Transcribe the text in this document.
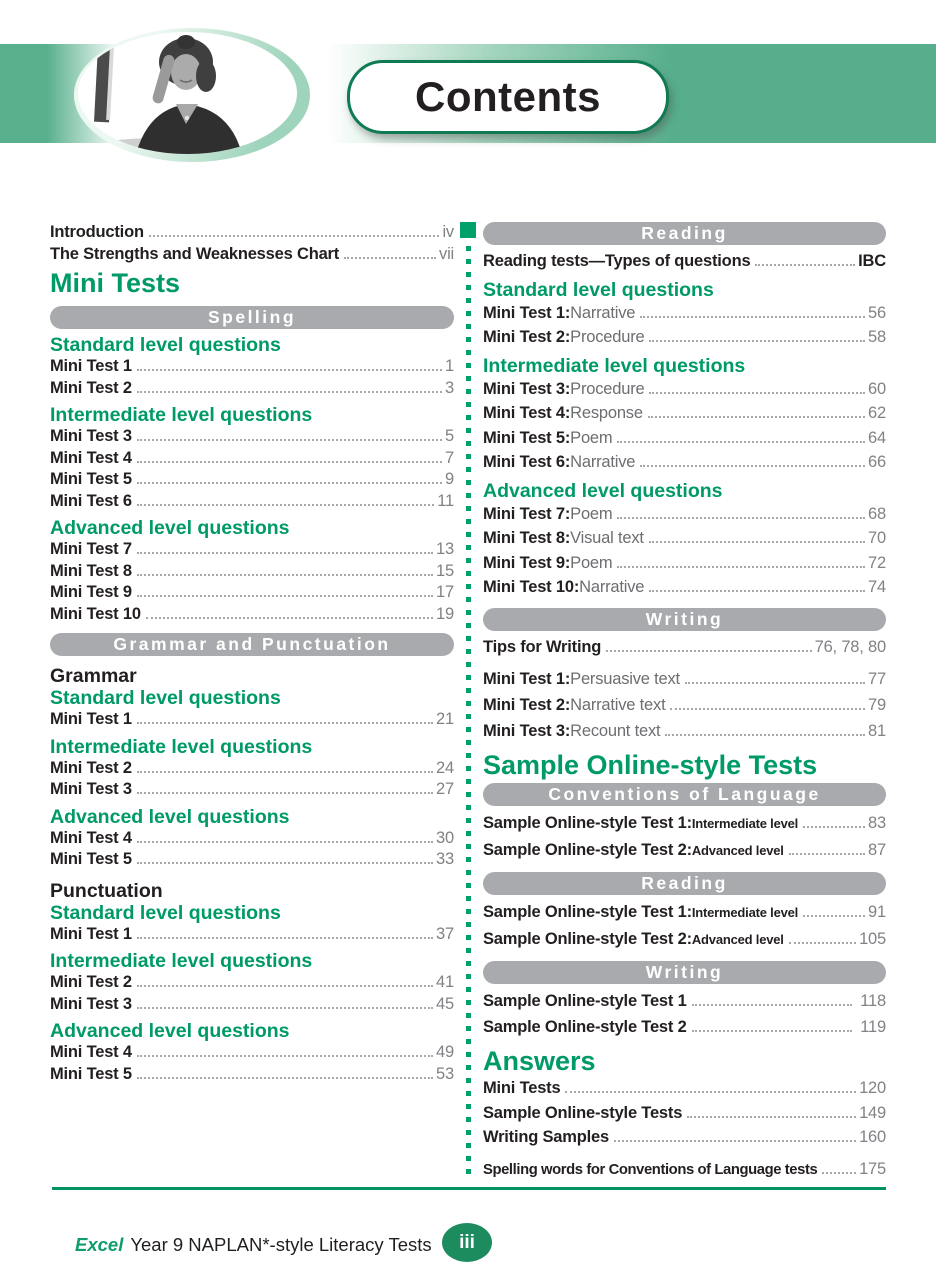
Contents
Introduction	iv
The Strengths and Weaknesses Chart	vii
Mini Tests
Spelling
Standard level questions
Mini Test 1	1
Mini Test 2	3
Intermediate level questions
Mini Test 3	5
Mini Test 4	7
Mini Test 5	9
Mini Test 6	11
Advanced level questions
Mini Test 7	13
Mini Test 8	15
Mini Test 9	17
Mini Test 10	19
Grammar and Punctuation
Grammar
Standard level questions
Mini Test 1	21
Intermediate level questions
Mini Test 2	24
Mini Test 3	27
Advanced level questions
Mini Test 4	30
Mini Test 5	33
Punctuation
Standard level questions
Mini Test 1	37
Intermediate level questions
Mini Test 2	41
Mini Test 3	45
Advanced level questions
Mini Test 4	49
Mini Test 5	53
Reading
Reading tests—Types of questions	IBC
Standard level questions
Mini Test 1: Narrative	56
Mini Test 2: Procedure	58
Intermediate level questions
Mini Test 3: Procedure	60
Mini Test 4: Response	62
Mini Test 5: Poem	64
Mini Test 6: Narrative	66
Advanced level questions
Mini Test 7: Poem	68
Mini Test 8: Visual text	70
Mini Test 9: Poem	72
Mini Test 10: Narrative	74
Writing
Tips for Writing	76, 78, 80
Mini Test 1: Persuasive text	77
Mini Test 2: Narrative text	79
Mini Test 3: Recount text	81
Sample Online-style Tests
Conventions of Language
Sample Online-style Test 1: Intermediate level	83
Sample Online-style Test 2: Advanced level	87
Reading
Sample Online-style Test 1: Intermediate level	91
Sample Online-style Test 2: Advanced level	105
Writing
Sample Online-style Test 1	118
Sample Online-style Test 2	119
Answers
Mini Tests	120
Sample Online-style Tests	149
Writing Samples	160
Spelling words for Conventions of Language tests	175
Excel Year 9 NAPLAN*-style Literacy Tests iii
